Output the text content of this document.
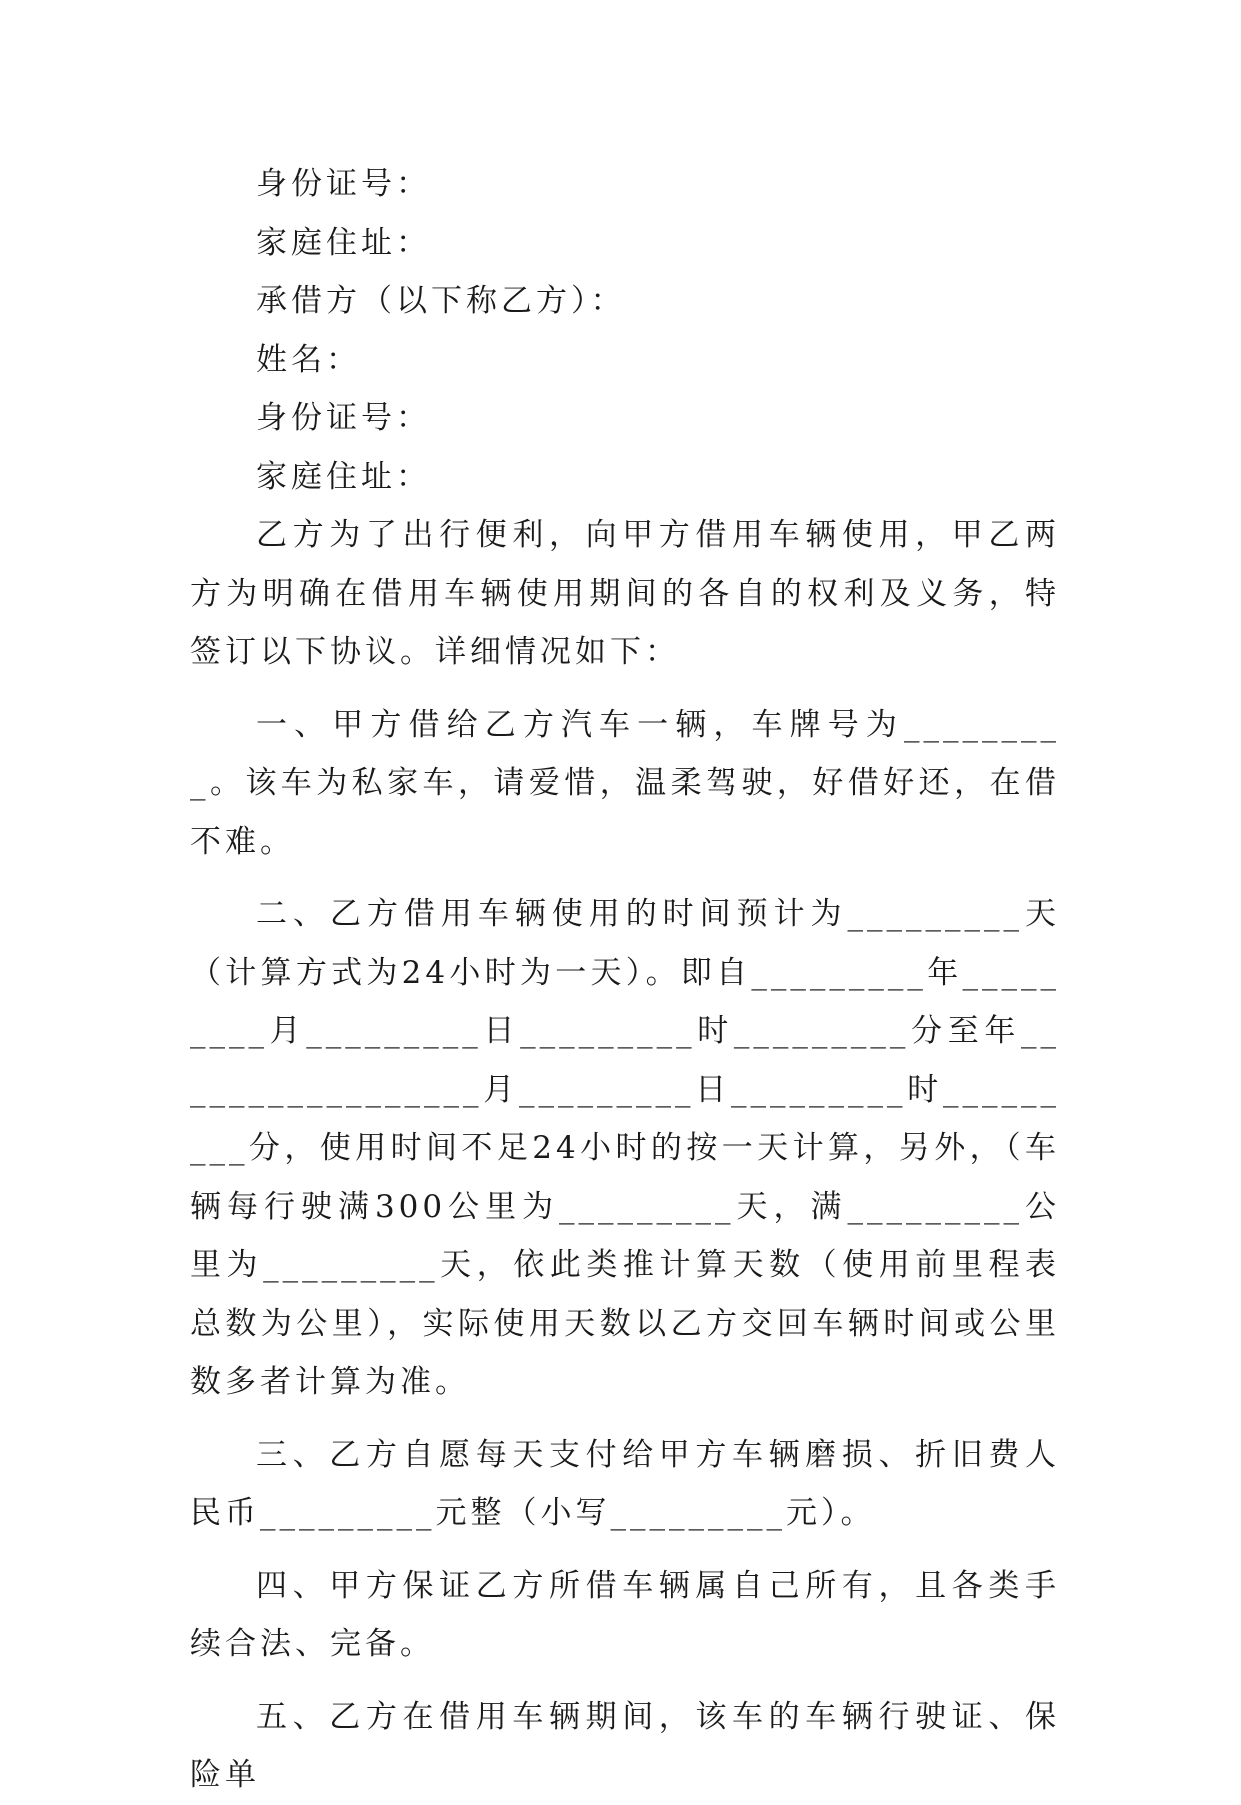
身份证号：

家庭住址：

承借方（以下称乙方）：

姓名：

身份证号：

家庭住址：

乙方为了出行便利，向甲方借用车辆使用，甲乙两方为明确在借用车辆使用期间的各自的权利及义务，特签订以下协议。详细情况如下：

一、甲方借给乙方汽车一辆，车牌号为_________。该车为私家车，请爱惜，温柔驾驶，好借好还，在借不难。

二、乙方借用车辆使用的时间预计为_________天（计算方式为24小时为一天）。即自_________年_________月_________日_________时_________分至年_________________月_________日_________时_________分，使用时间不足24小时的按一天计算，另外，（车辆每行驶满300公里为_________天，满_________公里为_________天，依此类推计算天数（使用前里程表总数为公里），实际使用天数以乙方交回车辆时间或公里数多者计算为准。

三、乙方自愿每天支付给甲方车辆磨损、折旧费人民币_________元整（小写_________元）。

四、甲方保证乙方所借车辆属自己所有，且各类手续合法、完备。

五、乙方在借用车辆期间，该车的车辆行驶证、保险单
